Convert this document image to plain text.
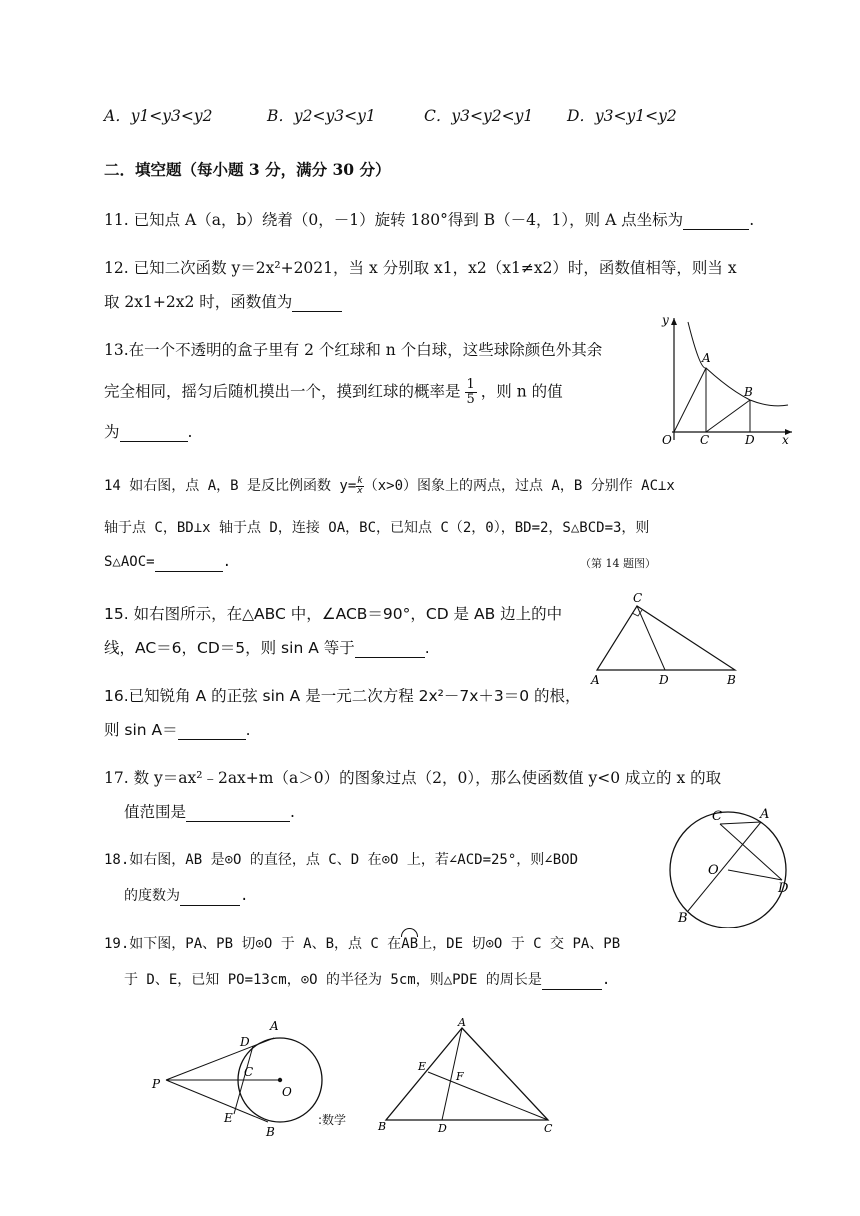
A．y1<y3<y2	B．y2<y3<y1	C．y3<y2<y1 D．y3<y1<y2
二．填空题（每小题 3 分，满分 30 分）
11. 已知点 A（a，b）绕着（0，－1）旋转 180°得到 B（－4，1），则 A 点坐标为	.
12. 已知二次函数 y＝2x²+2021，当 x 分别取 x1，x2（x1≠x2）时，函数值相等，则当 x
取 2x1+2x2 时，函数值为
13.在一个不透明的盒子里有 2 个红球和 n 个白球，这些球除颜色外其余
完全相同，摇匀后随机摸出一个，摸到红球的概率是 $\frac{1}{5}$ ，则 n 的值
为	.
y
A
B
O C	D x
14 如右图，点 A，B 是反比例函数 $y= \frac{k}{x} (x>0)$图象上的两点，过点 A，B 分别作 AC⊥x
轴于点 C，BD⊥x 轴于点 D，连接 OA，BC，已知点 C（2，0），BD=2，S△BCD=3，则
S△AOC=	.	（第 14 题图）
15. 如右图所示，在△ABC 中，∠ACB＝90°，CD 是 AB 边上的中
线，AC＝6，CD＝5，则 sin A 等于	.
C
A	D	B
16.已知锐角 A 的正弦 sin A 是一元二次方程 2x²－7x＋3＝0 的根，
则 sin A＝	.
17. 数 y＝ax²﹣2ax+m（a＞0）的图象过点（2，0），那么使函数值 y<0 成立的 x 的取
值范围是	.	C	A
O
D
B
18.如右图，AB 是⊙O 的直径，点 C、D 在⊙O 上，若∠ACD=25°，则∠BOD
的度数为	.
19.如下图，PA、PB 切⊙O 于 A、B，点 C 在AB上，DE 切⊙O 于 C 交 PA、PB
于 D、E，已知 PO=13cm，⊙O 的半径为 5cm，则△PDE 的周长是	.
A
D
C
P
O
E
B
:数学
A
E
F
B	D	C
